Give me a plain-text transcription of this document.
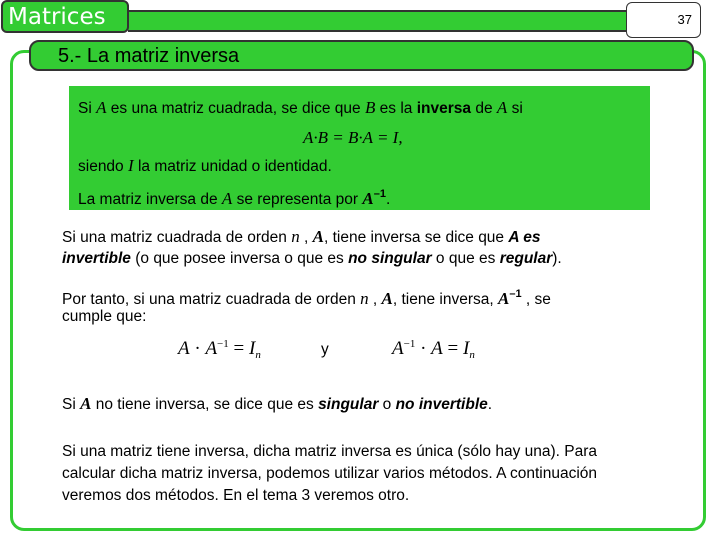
Matrices	37
5.- La matriz inversa
Si A es una matriz cuadrada, se dice que B es la inversa de A si
A·B = B·A = I,
siendo I la matriz unidad o identidad.
La matriz inversa de A se representa por $A^{-1}$.
Si una matriz cuadrada de orden n , A, tiene inversa se dice que A es
invertible (o que posee inversa o que es no singular o que es regular).
Por tanto, si una matriz cuadrada de orden n , A, tiene inversa, $A^{-1}$ , se
cumple que:
$A \cdot A^{-1} = I_n$	y	$A^{-1} \cdot A = I_n$
Si A no tiene inversa, se dice que es singular o no invertible.
Si una matriz tiene inversa, dicha matriz inversa es única (sólo hay una). Para
calcular dicha matriz inversa, podemos utilizar varios métodos. A continuación
veremos dos métodos. En el tema 3 veremos otro.
